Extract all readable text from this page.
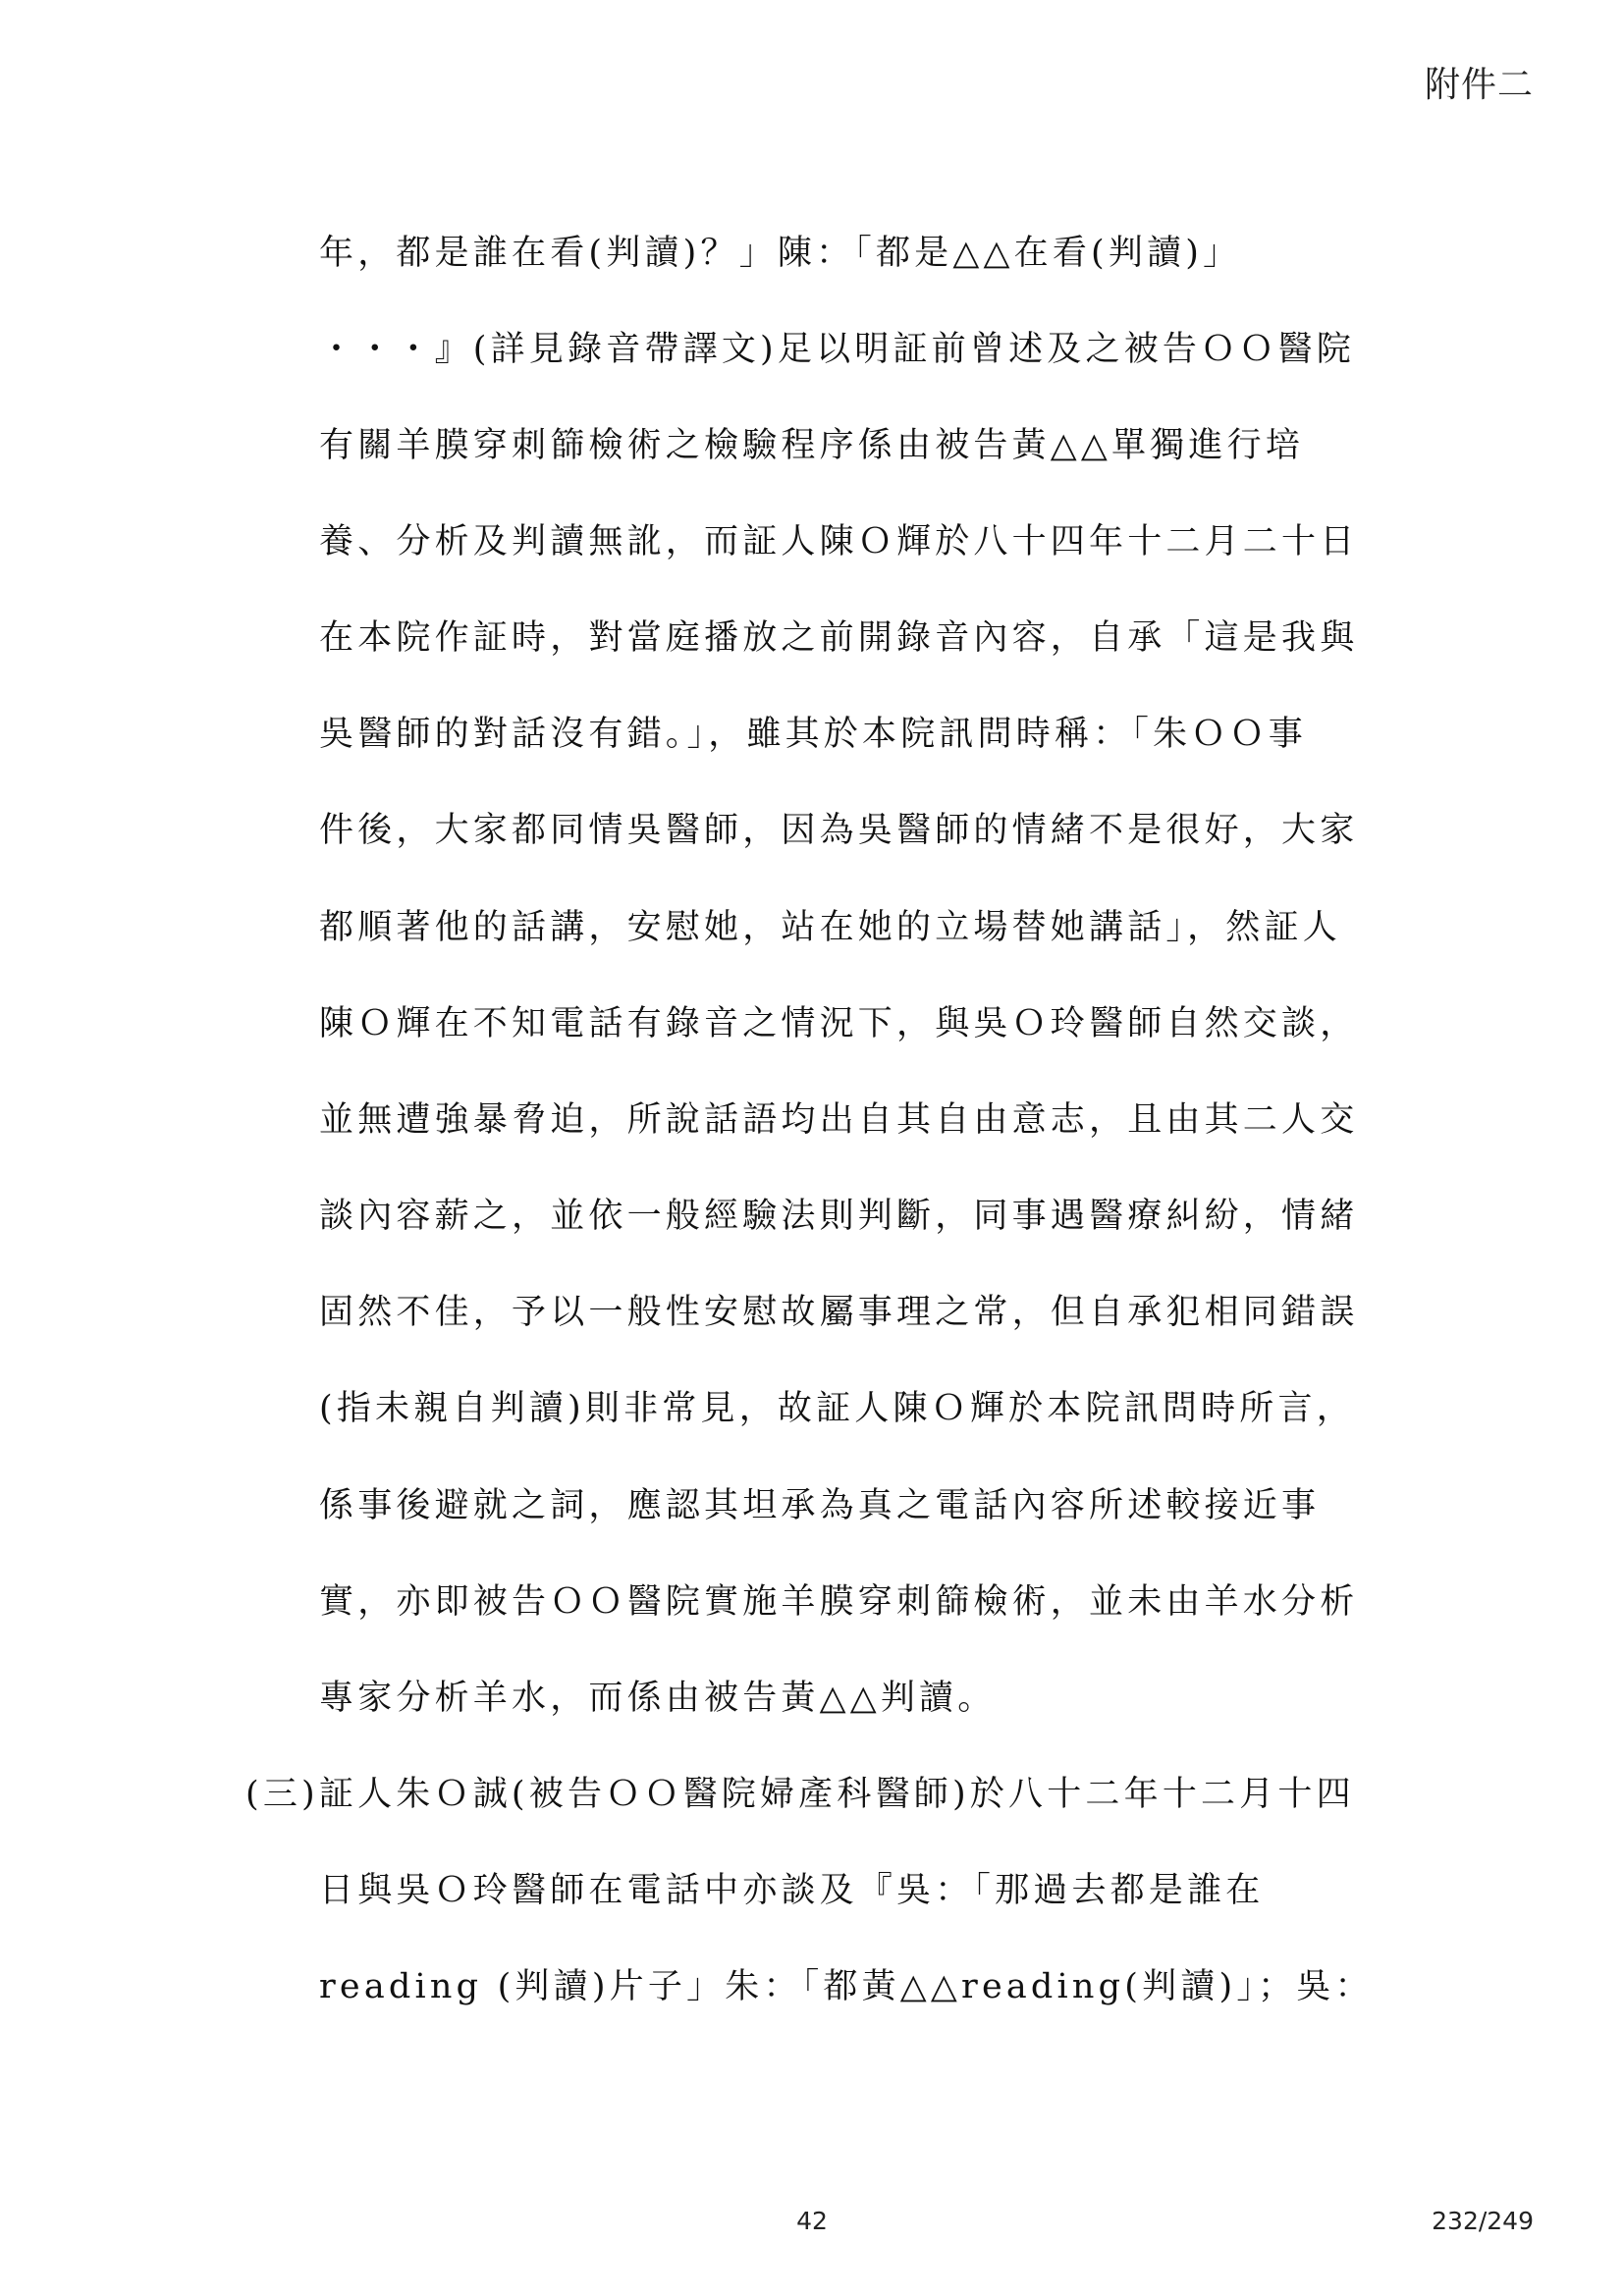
附件二
年，都是誰在看(判讀)？」陳：「都是△△在看(判讀)」
・・・』(詳見錄音帶譯文)足以明証前曾述及之被告ＯＯ醫院
有關羊膜穿刺篩檢術之檢驗程序係由被告黃△△單獨進行培
養、分析及判讀無訛，而証人陳Ｏ輝於八十四年十二月二十日
在本院作証時，對當庭播放之前開錄音內容，自承「這是我與
吳醫師的對話沒有錯。」，雖其於本院訊問時稱：「朱ＯＯ事
件後，大家都同情吳醫師，因為吳醫師的情緒不是很好，大家
都順著他的話講，安慰她，站在她的立場替她講話」，然証人
陳Ｏ輝在不知電話有錄音之情況下，與吳Ｏ玲醫師自然交談，
並無遭強暴脅迫，所說話語均出自其自由意志，且由其二人交
談內容薪之，並依一般經驗法則判斷，同事遇醫療糾紛，情緒
固然不佳，予以一般性安慰故屬事理之常，但自承犯相同錯誤
(指未親自判讀)則非常見，故証人陳Ｏ輝於本院訊問時所言，
係事後避就之詞，應認其坦承為真之電話內容所述較接近事
實，亦即被告ＯＯ醫院實施羊膜穿刺篩檢術，並未由羊水分析
專家分析羊水，而係由被告黃△△判讀。
(三)証人朱Ｏ誠(被告ＯＯ醫院婦產科醫師)於八十二年十二月十四
日與吳Ｏ玲醫師在電話中亦談及『吳：「那過去都是誰在
reading (判讀)片子」朱：「都黃△△reading(判讀)」；吳：
42	232/249
